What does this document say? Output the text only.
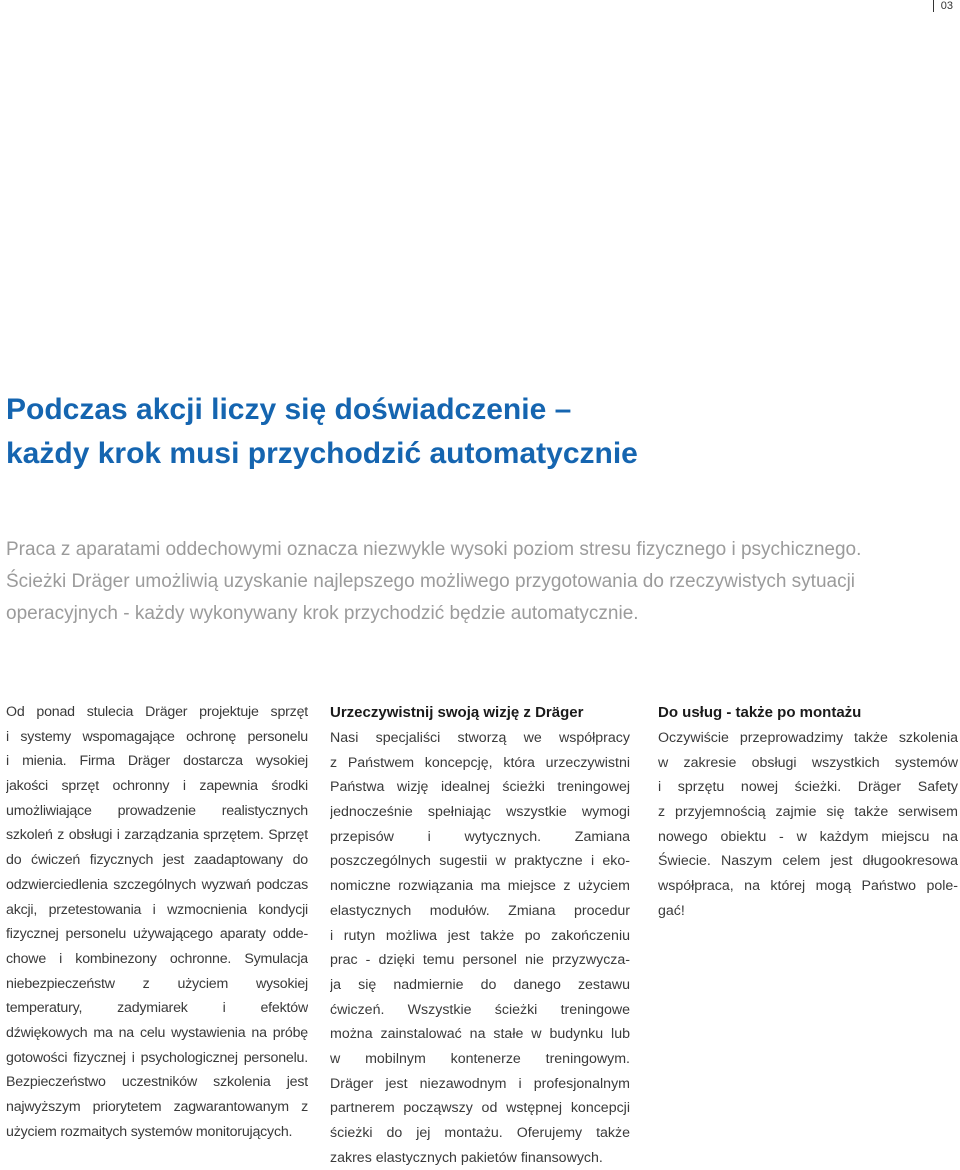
03
Podczas akcji liczy się doświadczenie –
każdy krok musi przychodzić automatycznie
Praca z aparatami oddechowymi oznacza niezwykle wysoki poziom stresu fizycznego i psychicznego.
Ścieżki Dräger umożliwią uzyskanie najlepszego możliwego przygotowania do rzeczywistych sytuacji
operacyjnych - każdy wykonywany krok przychodzić będzie automatycznie.
Od ponad stulecia Dräger projektuje sprzęt
i systemy wspomagające ochronę personelu
i mienia. Firma Dräger dostarcza wysokiej
jakości sprzęt ochronny i zapewnia środki
umożliwiające prowadzenie realistycznych
szkoleń z obsługi i zarządzania sprzętem. Sprzęt
do ćwiczeń fizycznych jest zaadaptowany do
odzwierciedlenia szczególnych wyzwań podczas
akcji, przetestowania i wzmocnienia kondycji
fizycznej personelu używającego aparaty odde-
chowe i kombinezony ochronne. Symulacja
niebezpieczeństw z użyciem wysokiej
temperatury, zadymiarek i efektów
dźwiękowych ma na celu wystawienia na próbę
gotowości fizycznej i psychologicznej personelu.
Bezpieczeństwo uczestników szkolenia jest
najwyższym priorytetem zagwarantowanym z
użyciem rozmaitych systemów monitorujących.
Urzeczywistnij swoją wizję z Dräger
Nasi specjaliści stworzą we współpracy
z Państwem koncepcję, która urzeczywistni
Państwa wizję idealnej ścieżki treningowej
jednocześnie spełniając wszystkie wymogi
przepisów i wytycznych. Zamiana
poszczególnych sugestii w praktyczne i eko-
nomiczne rozwiązania ma miejsce z użyciem
elastycznych modułów. Zmiana procedur
i rutyn możliwa jest także po zakończeniu
prac - dzięki temu personel nie przyzwycza-
ja się nadmiernie do danego zestawu
ćwiczeń. Wszystkie ścieżki treningowe
można zainstalować na stałe w budynku lub
w mobilnym kontenerze treningowym.
Dräger jest niezawodnym i profesjonalnym
partnerem począwszy od wstępnej koncepcji
ścieżki do jej montażu. Oferujemy także
zakres elastycznych pakietów finansowych.
Do usług - także po montażu
Oczywiście przeprowadzimy także szkolenia
w zakresie obsługi wszystkich systemów
i sprzętu nowej ścieżki. Dräger Safety
z przyjemnością zajmie się także serwisem
nowego obiektu - w każdym miejscu na
Świecie. Naszym celem jest długookresowa
współpraca, na której mogą Państwo pole-
gać!
